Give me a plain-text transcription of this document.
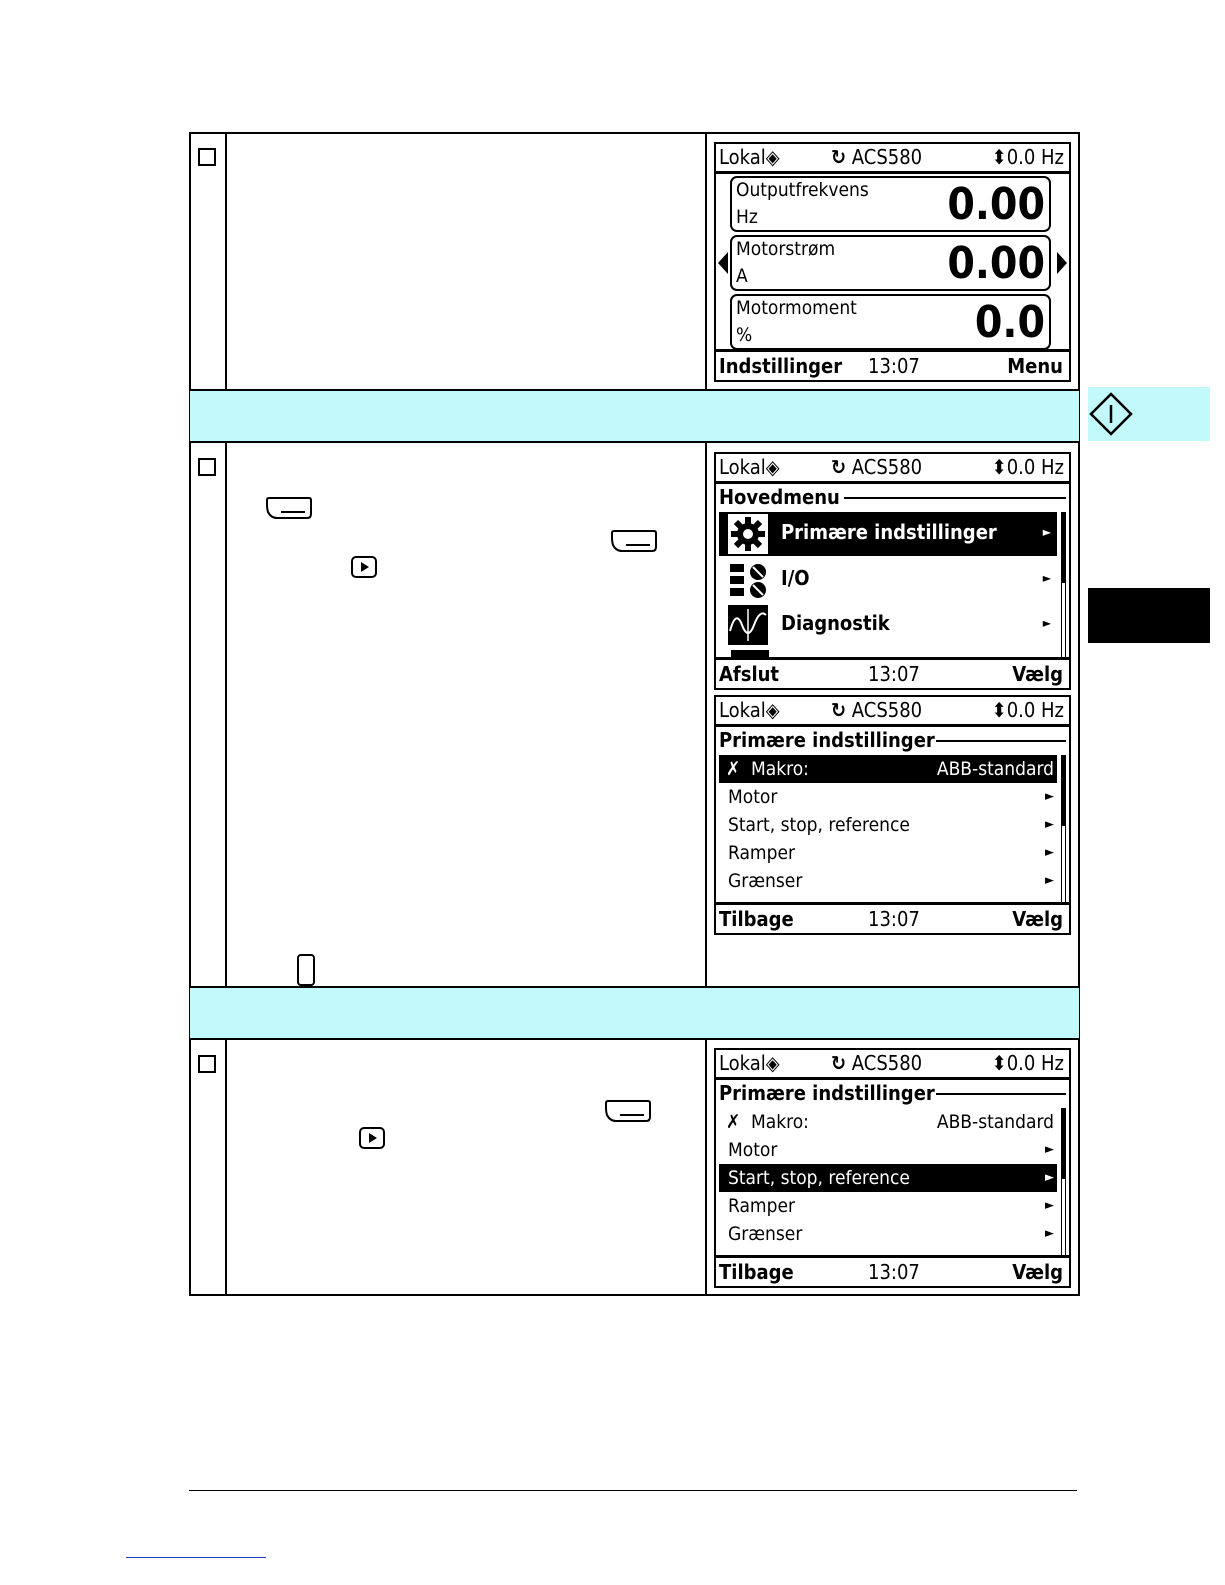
Lokal◈	↻ ACS580	⬍0.0 Hz
Outputfrekvens
Hz	0.00
Motorstrøm
A	0.00
Motormoment
%	0.0
Indstillinger 13:07	Menu
Lokal◈	↻ ACS580	⬍0.0 Hz
Hovedmenu
Primære indstillinger	►
I/O	►
Diagnostik	►
Afslut	13:07	Vælg
Lokal◈	↻ ACS580	⬍0.0 Hz
Primære indstillinger
✗ Makro:	ABB-standard
Motor	►
Start, stop, reference	►
Ramper	►
Grænser	►
Tilbage	13:07	Vælg
Lokal◈	↻ ACS580	⬍0.0 Hz
Primære indstillinger
✗ Makro:	ABB-standard
Motor	►
Start, stop, reference	►
Ramper	►
Grænser	►
Tilbage	13:07	Vælg
